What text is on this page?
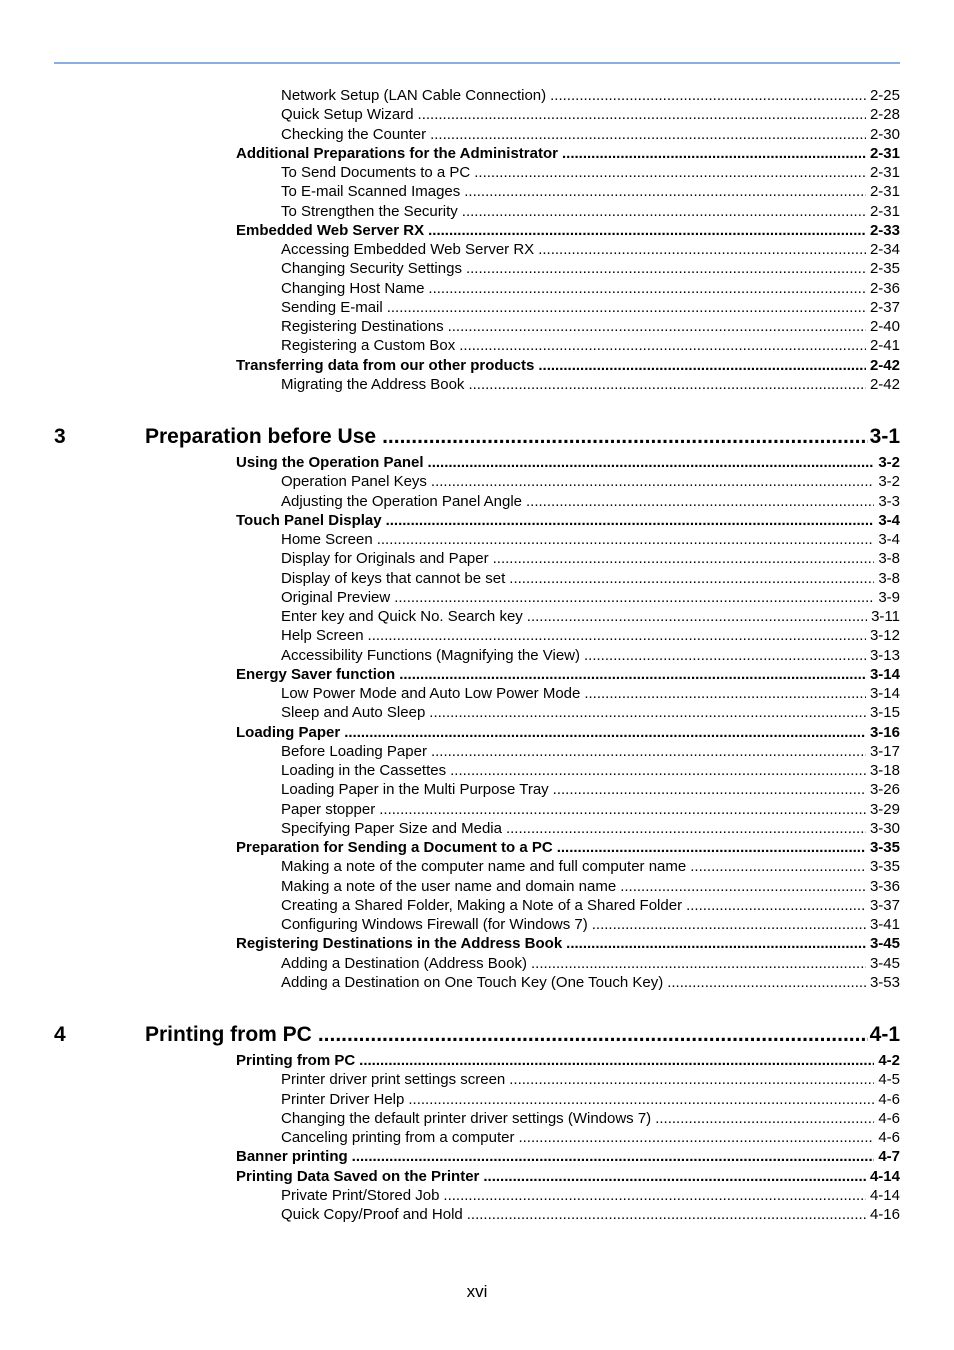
Network Setup (LAN Cable Connection) .....	2-25
Quick Setup Wizard .....	2-28
Checking the Counter .....	2-30
Additional Preparations for the Administrator .....	2-31
To Send Documents to a PC .....	2-31
To E-mail Scanned Images .....	2-31
To Strengthen the Security .....	2-31
Embedded Web Server RX .....	2-33
Accessing Embedded Web Server RX .....	2-34
Changing Security Settings .....	2-35
Changing Host Name .....	2-36
Sending E-mail .....	2-37
Registering Destinations .....	2-40
Registering a Custom Box .....	2-41
Transferring data from our other products .....	2-42
Migrating the Address Book .....	2-42
3	Preparation before Use .....	3-1
Using the Operation Panel .....	3-2
Operation Panel Keys .....	3-2
Adjusting the Operation Panel Angle .....	3-3
Touch Panel Display .....	3-4
Home Screen .....	3-4
Display for Originals and Paper .....	3-8
Display of keys that cannot be set .....	3-8
Original Preview .....	3-9
Enter key and Quick No. Search key .....	3-11
Help Screen .....	3-12
Accessibility Functions (Magnifying the View) .....	3-13
Energy Saver function .....	3-14
Low Power Mode and Auto Low Power Mode .....	3-14
Sleep and Auto Sleep .....	3-15
Loading Paper .....	3-16
Before Loading Paper .....	3-17
Loading in the Cassettes .....	3-18
Loading Paper in the Multi Purpose Tray .....	3-26
Paper stopper .....	3-29
Specifying Paper Size and Media .....	3-30
Preparation for Sending a Document to a PC .....	3-35
Making a note of the computer name and full computer name .....	3-35
Making a note of the user name and domain name .....	3-36
Creating a Shared Folder, Making a Note of a Shared Folder .....	3-37
Configuring Windows Firewall (for Windows 7) .....	3-41
Registering Destinations in the Address Book .....	3-45
Adding a Destination (Address Book) .....	3-45
Adding a Destination on One Touch Key (One Touch Key) .....	3-53
4	Printing from PC .....	4-1
Printing from PC .....	4-2
Printer driver print settings screen .....	4-5
Printer Driver Help .....	4-6
Changing the default printer driver settings (Windows 7) .....	4-6
Canceling printing from a computer .....	4-6
Banner printing .....	4-7
Printing Data Saved on the Printer .....	4-14
Private Print/Stored Job .....	4-14
Quick Copy/Proof and Hold .....	4-16
xvi
